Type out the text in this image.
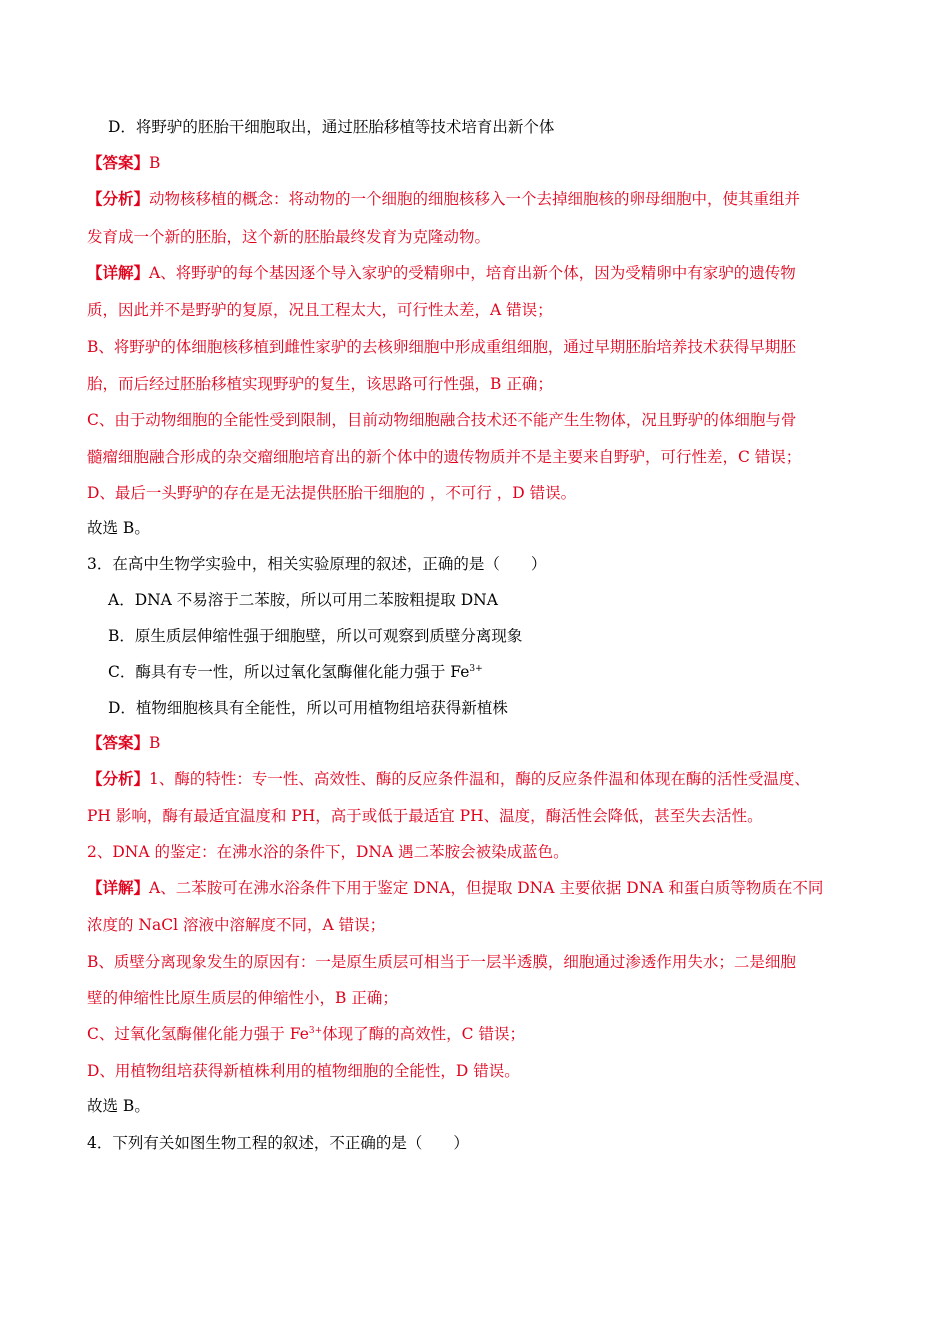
D．将野驴的胚胎干细胞取出，通过胚胎移植等技术培育出新个体
【答案】B
【分析】动物核移植的概念：将动物的一个细胞的细胞核移入一个去掉细胞核的卵母细胞中，使其重组并
发育成一个新的胚胎，这个新的胚胎最终发育为克隆动物。
【详解】A、将野驴的每个基因逐个导入家驴的受精卵中，培育出新个体，因为受精卵中有家驴的遗传物
质，因此并不是野驴的复原，况且工程太大，可行性太差，A 错误；
B、将野驴的体细胞核移植到雌性家驴的去核卵细胞中形成重组细胞，通过早期胚胎培养技术获得早期胚
胎，而后经过胚胎移植实现野驴的复生，该思路可行性强，B 正确；
C、由于动物细胞的全能性受到限制，目前动物细胞融合技术还不能产生生物体，况且野驴的体细胞与骨
髓瘤细胞融合形成的杂交瘤细胞培育出的新个体中的遗传物质并不是主要来自野驴，可行性差，C 错误；
D、最后一头野驴的存在是无法提供胚胎干细胞的 ，不可行 ，D 错误。
故选 B。
3．在高中生物学实验中，相关实验原理的叙述，正确的是（　　）
A．DNA 不易溶于二苯胺，所以可用二苯胺粗提取 DNA
B．原生质层伸缩性强于细胞壁，所以可观察到质壁分离现象
C．酶具有专一性，所以过氧化氢酶催化能力强于 $Fe^{3+}$
D．植物细胞核具有全能性，所以可用植物组培获得新植株
【答案】B
【分析】1、酶的特性：专一性、高效性、酶的反应条件温和，酶的反应条件温和体现在酶的活性受温度、
PH 影响，酶有最适宜温度和 PH，高于或低于最适宜 PH、温度，酶活性会降低，甚至失去活性。
2、DNA 的鉴定：在沸水浴的条件下，DNA 遇二苯胺会被染成蓝色。
【详解】A、二苯胺可在沸水浴条件下用于鉴定 DNA，但提取 DNA 主要依据 DNA 和蛋白质等物质在不同
浓度的 NaCl 溶液中溶解度不同，A 错误；
B、质壁分离现象发生的原因有：一是原生质层可相当于一层半透膜，细胞通过渗透作用失水；二是细胞
壁的伸缩性比原生质层的伸缩性小，B 正确；
C、过氧化氢酶催化能力强于 $Fe^{3+}$体现了酶的高效性，C 错误；
D、用植物组培获得新植株利用的植物细胞的全能性，D 错误。
故选 B。
4．下列有关如图生物工程的叙述，不正确的是（　　）
